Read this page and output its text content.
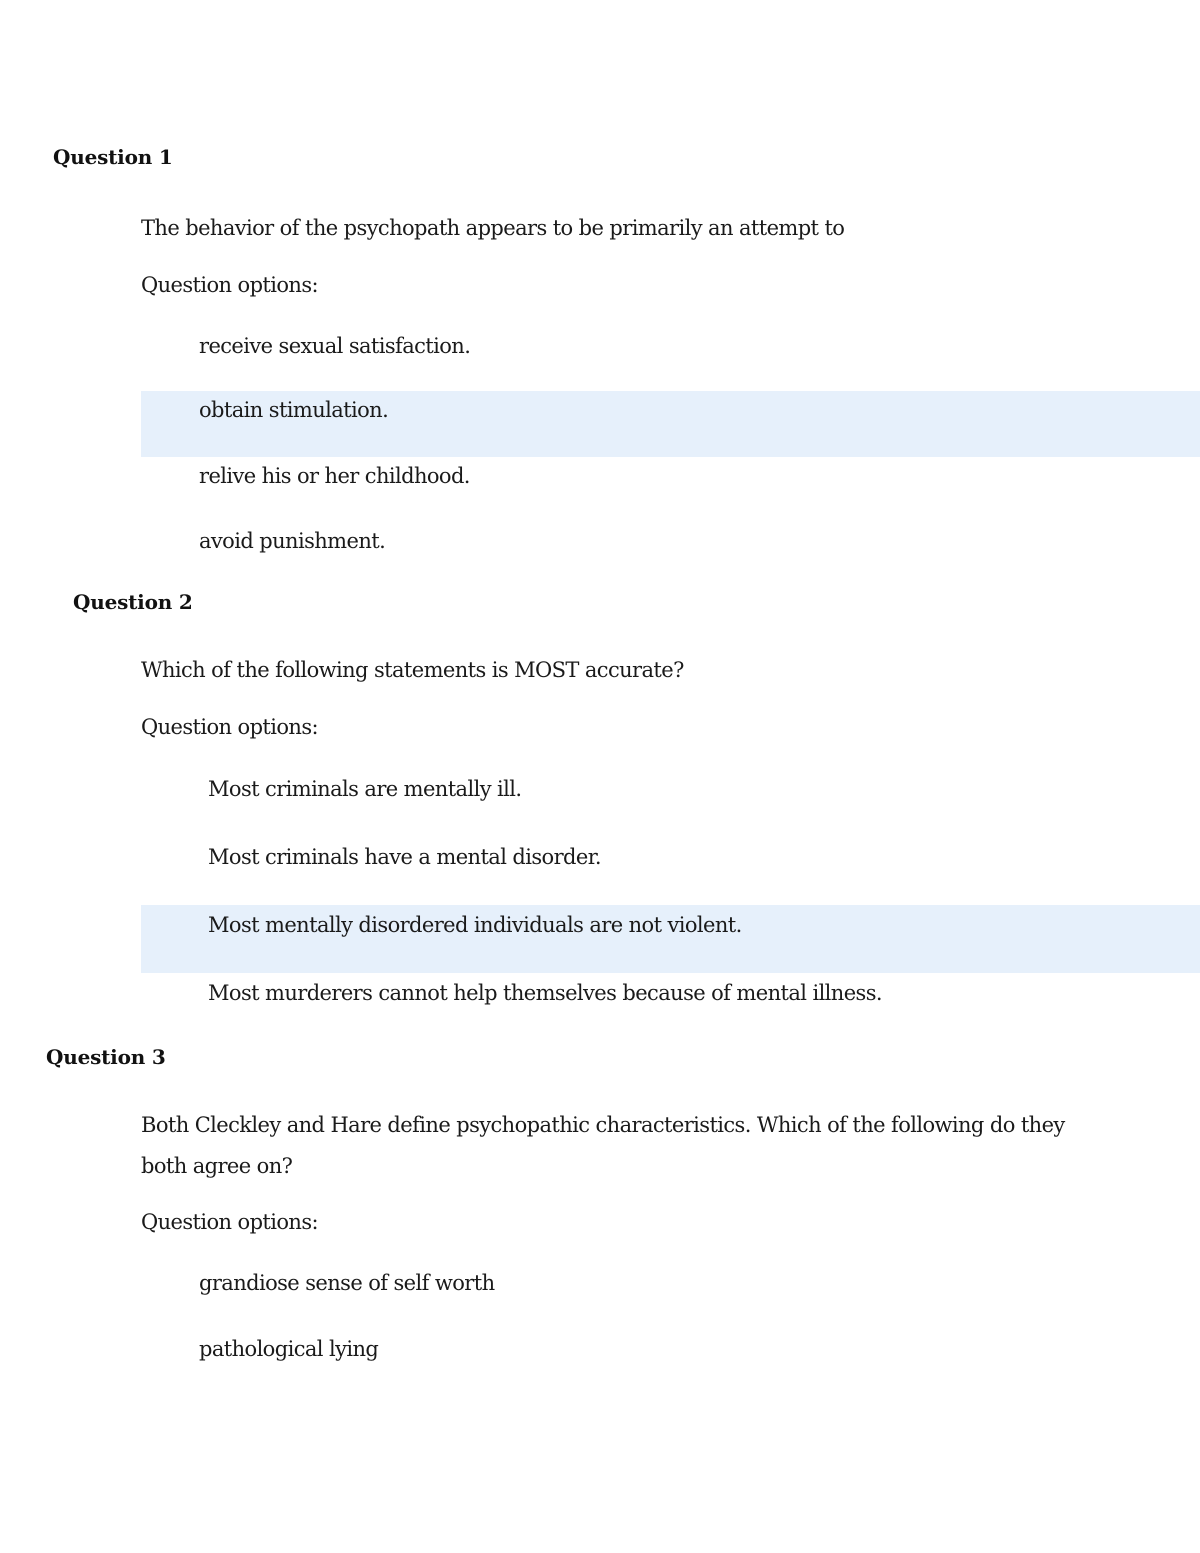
Question 1
The behavior of the psychopath appears to be primarily an attempt to
Question options:
receive sexual satisfaction.
obtain stimulation.
relive his or her childhood.
avoid punishment.
Question 2
Which of the following statements is MOST accurate?
Question options:
Most criminals are mentally ill.
Most criminals have a mental disorder.
Most mentally disordered individuals are not violent.
Most murderers cannot help themselves because of mental illness.
Question 3
Both Cleckley and Hare define psychopathic characteristics. Which of the following do they both agree on?
Question options:
grandiose sense of self worth
pathological lying
